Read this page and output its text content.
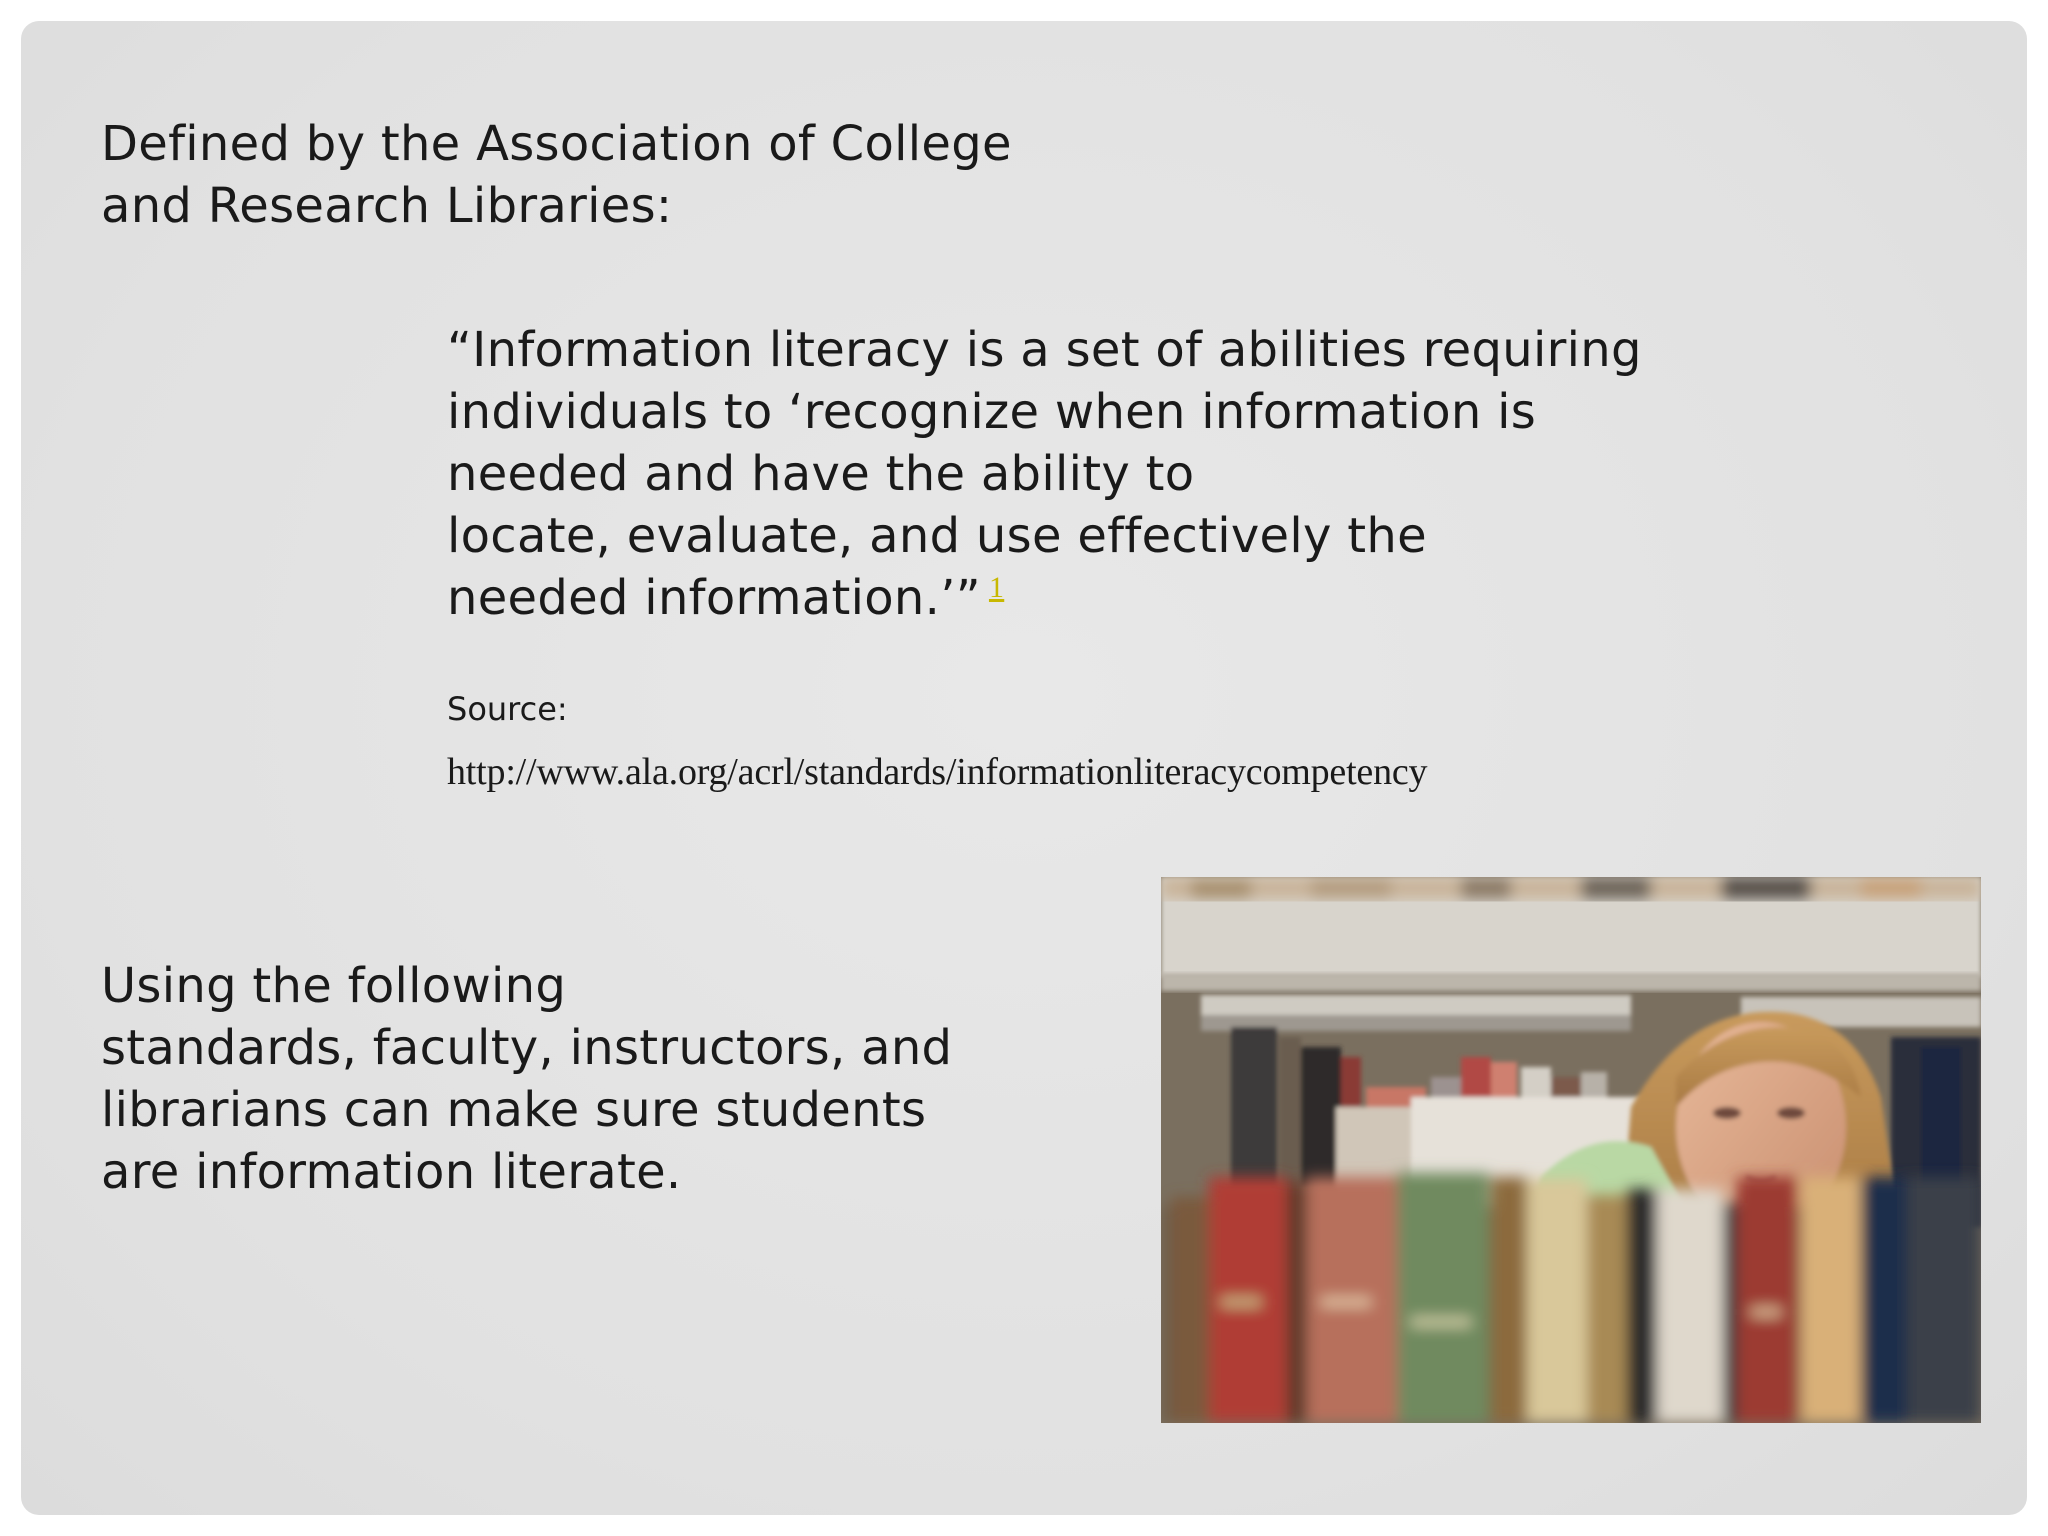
Defined by the Association of College
and Research Libraries:
“Information literacy is a set of abilities requiring
individuals to ‘recognize when information is
needed and have the ability to
locate, evaluate, and use effectively the
needed information.’” $^1$
Source:
http://www.ala.org/acrl/standards/informationliteracycompetency
Using the following
standards, faculty, instructors, and
librarians can make sure students
are information literate.
